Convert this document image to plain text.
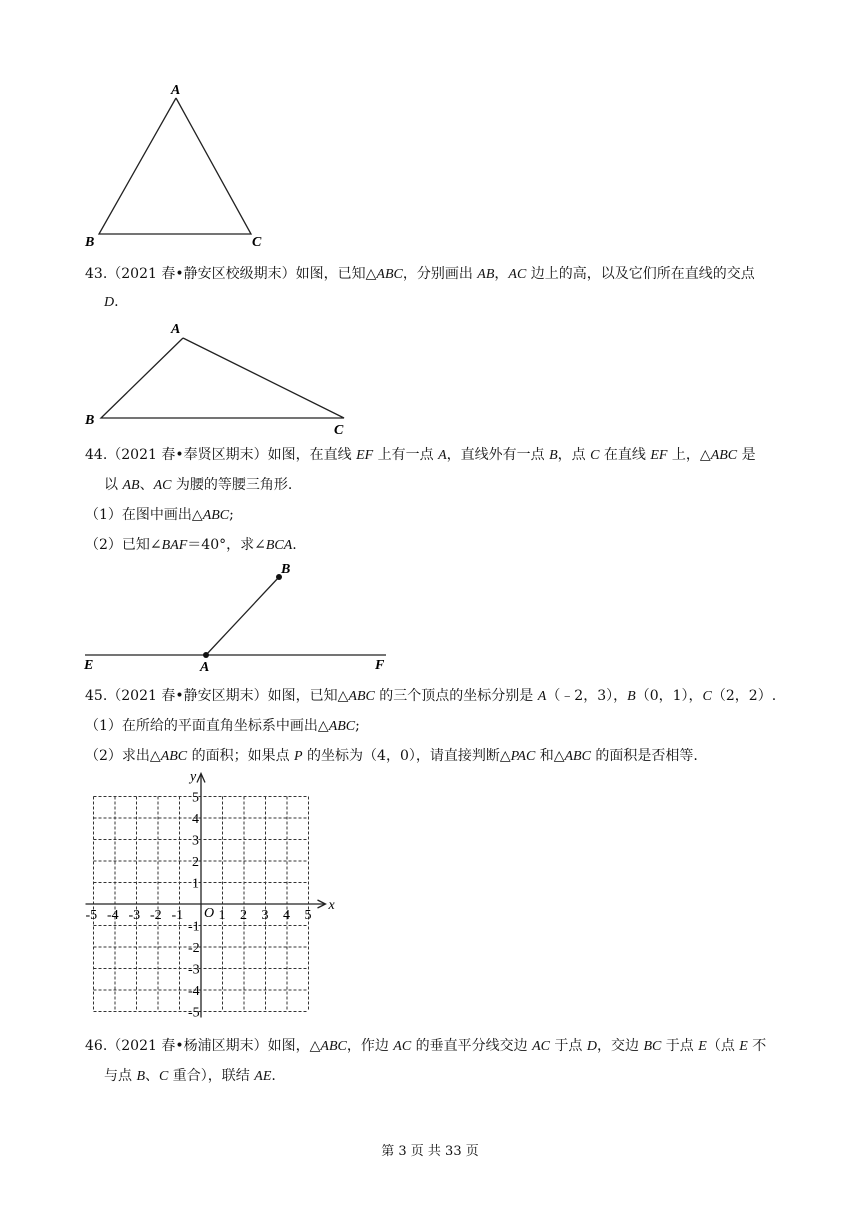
A
B	C
43.（2021 春•静安区校级期末）如图，已知△ABC，分别画出 AB，AC 边上的高，以及它们所在直线的交点
D.
A
B
C
44.（2021 春•奉贤区期末）如图，在直线 EF 上有一点 A，直线外有一点 B，点 C 在直线 EF 上，△ABC 是
以 AB、AC 为腰的等腰三角形.
（1）在图中画出△ABC;
（2）已知∠BAF＝40°，求∠BCA.
B
E	A	F
45.（2021 春•静安区期末）如图，已知△ABC 的三个顶点的坐标分别是 A（﹣2，3），B（0，1），C（2，2）.
（1）在所给的平面直角坐标系中画出△ABC;
（2）求出△ABC 的面积；如果点 P 的坐标为（4，0），请直接判断△PAC 和△ABC 的面积是否相等.
y
x
O
-5 -4 -3 -2 -1	1 2 3 4 5
1
2
3
4
5
-1
-2
-3
-4
-5
46.（2021 春•杨浦区期末）如图，△ABC，作边 AC 的垂直平分线交边 AC 于点 D，交边 BC 于点 E（点 E 不
与点 B、C 重合），联结 AE.
第 3 页 共 33 页
